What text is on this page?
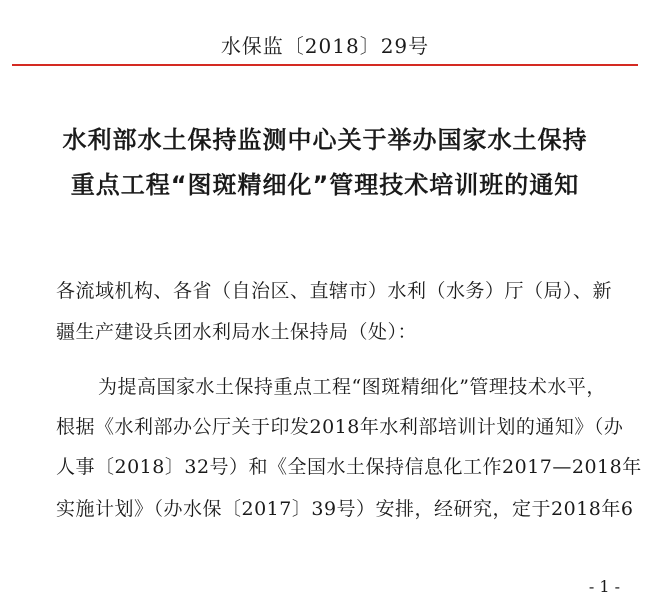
水保监〔2018〕29号
水利部水土保持监测中心关于举办国家水土保持
重点工程“图斑精细化”管理技术培训班的通知
各流域机构、各省（自治区、直辖市）水利（水务）厅（局）、新
疆生产建设兵团水利局水土保持局（处）：
为提高国家水土保持重点工程“图斑精细化”管理技术水平，
根据《水利部办公厅关于印发2018年水利部培训计划的通知》（办
人事〔2018〕32号）和《全国水土保持信息化工作2017—2018年
实施计划》（办水保〔2017〕39号）安排，经研究，定于2018年6
- 1 -
